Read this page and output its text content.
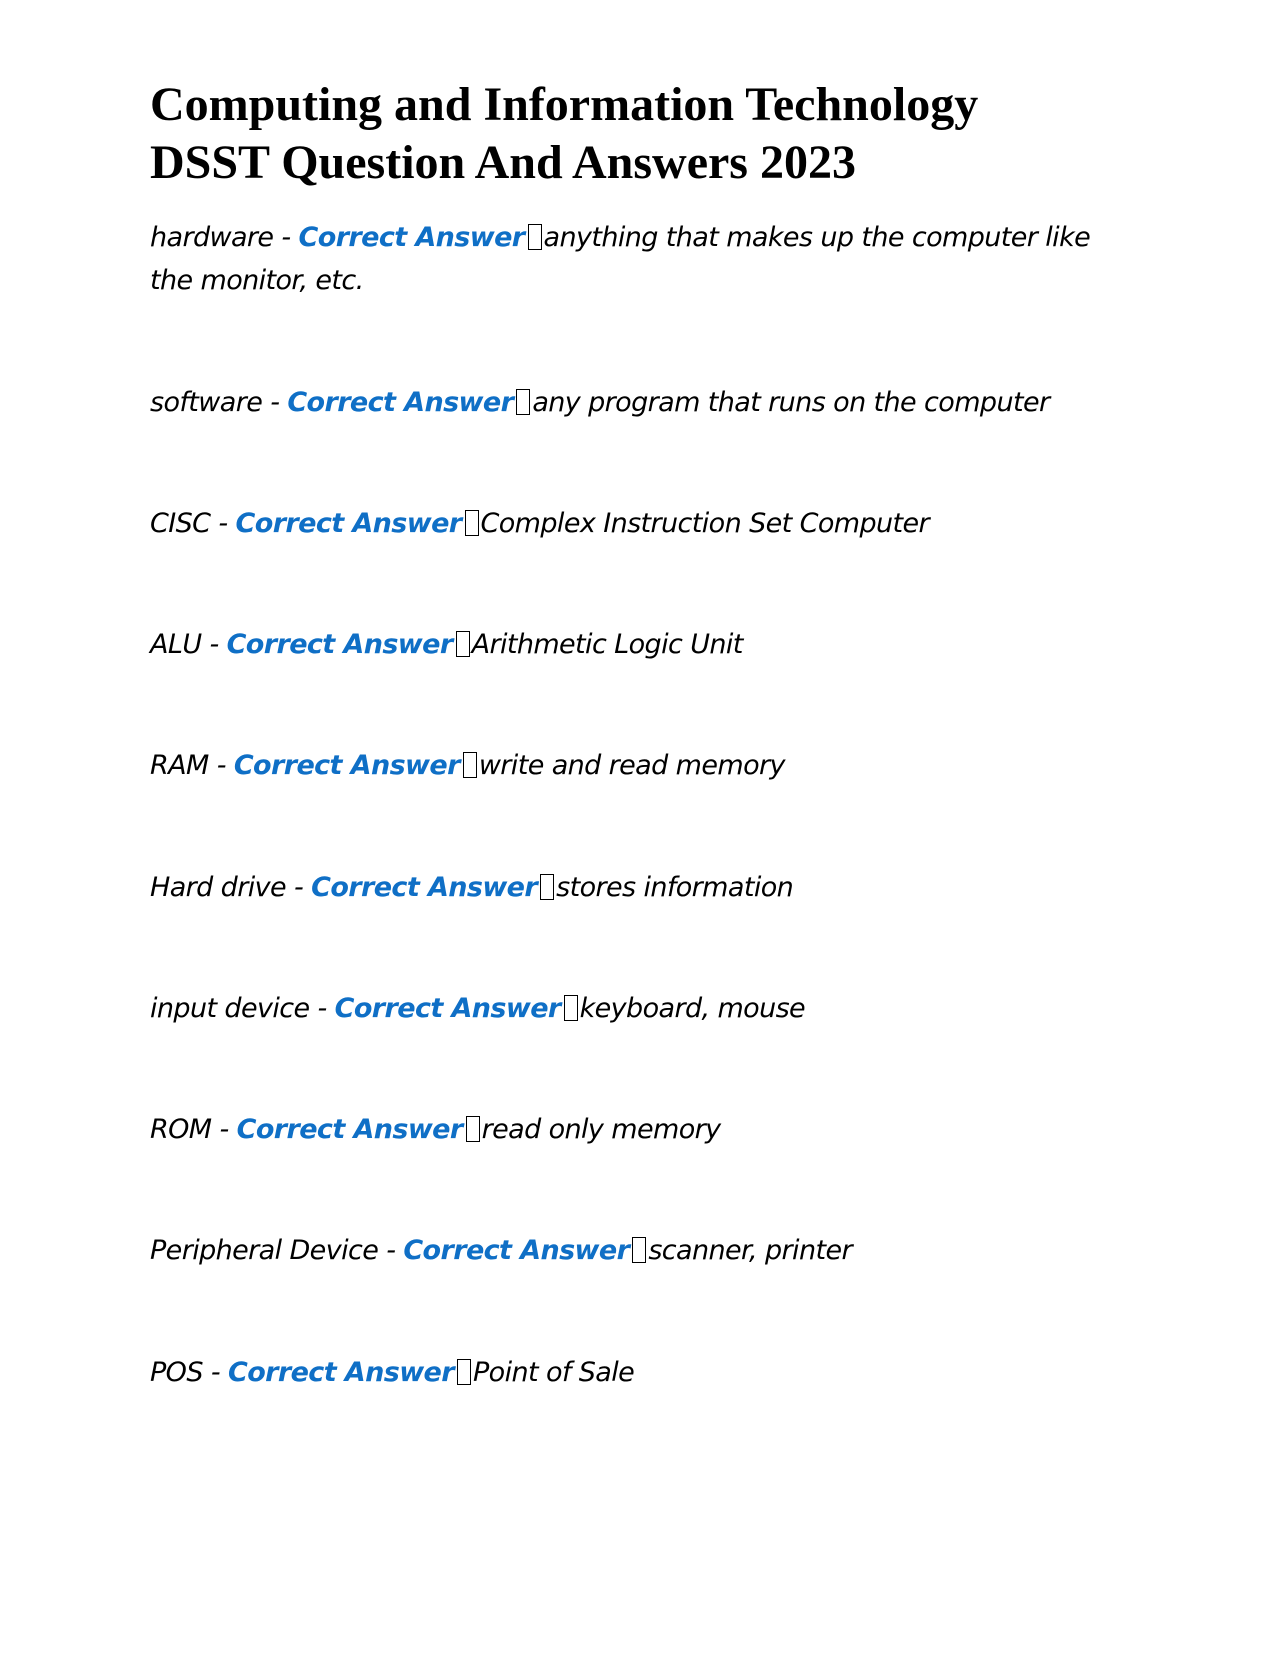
Computing and Information Technology
DSST Question And Answers 2023
hardware - Correct Answer anything that makes up the computer like the monitor, etc.
software - Correct Answer any program that runs on the computer
CISC - Correct Answer Complex Instruction Set Computer
ALU - Correct Answer Arithmetic Logic Unit
RAM - Correct Answer write and read memory
Hard drive - Correct Answer stores information
input device - Correct Answer keyboard, mouse
ROM - Correct Answer read only memory
Peripheral Device - Correct Answer scanner, printer
POS - Correct Answer Point of Sale
